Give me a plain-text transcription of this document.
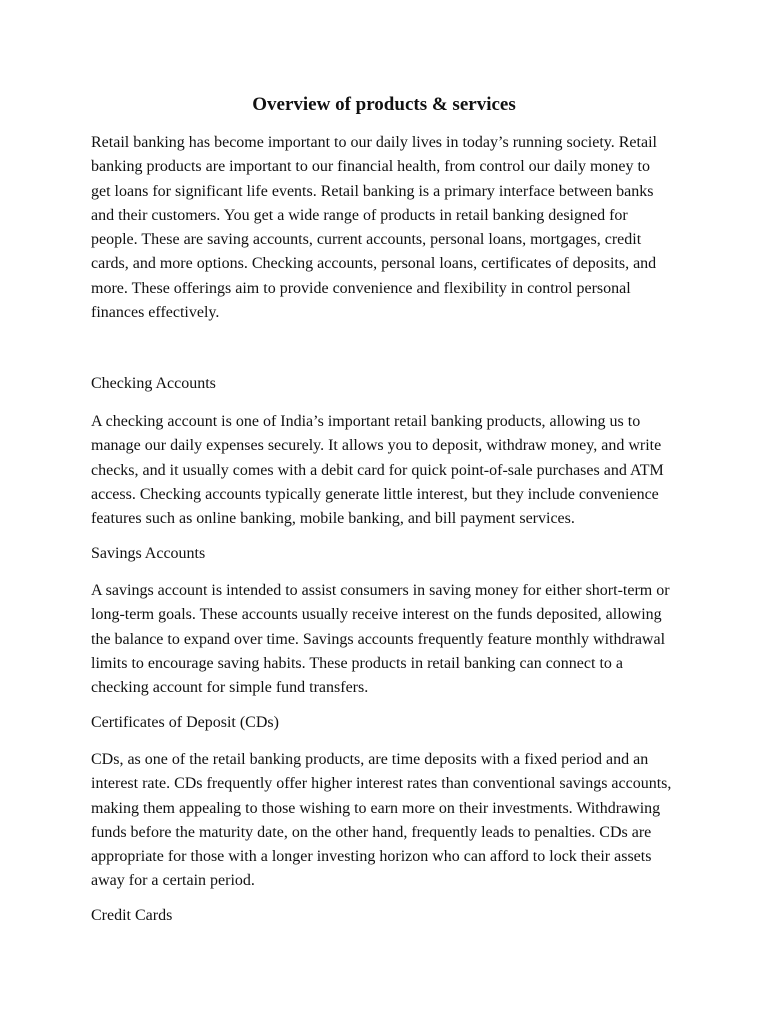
Overview of products & services

Retail banking has become important to our daily lives in today’s running society. Retail
banking products are important to our financial health, from control our daily money to
get loans for significant life events. Retail banking is a primary interface between banks
and their customers. You get a wide range of products in retail banking designed for
people. These are saving accounts, current accounts, personal loans, mortgages, credit
cards, and more options. Checking accounts, personal loans, certificates of deposits, and
more. These offerings aim to provide convenience and flexibility in control personal
finances effectively.

Checking Accounts

A checking account is one of India’s important retail banking products, allowing us to
manage our daily expenses securely. It allows you to deposit, withdraw money, and write
checks, and it usually comes with a debit card for quick point-of-sale purchases and ATM
access. Checking accounts typically generate little interest, but they include convenience
features such as online banking, mobile banking, and bill payment services.

Savings Accounts

A savings account is intended to assist consumers in saving money for either short-term or
long-term goals. These accounts usually receive interest on the funds deposited, allowing
the balance to expand over time. Savings accounts frequently feature monthly withdrawal
limits to encourage saving habits. These products in retail banking can connect to a
checking account for simple fund transfers.

Certificates of Deposit (CDs)

CDs, as one of the retail banking products, are time deposits with a fixed period and an
interest rate. CDs frequently offer higher interest rates than conventional savings accounts,
making them appealing to those wishing to earn more on their investments. Withdrawing
funds before the maturity date, on the other hand, frequently leads to penalties. CDs are
appropriate for those with a longer investing horizon who can afford to lock their assets
away for a certain period.

Credit Cards
